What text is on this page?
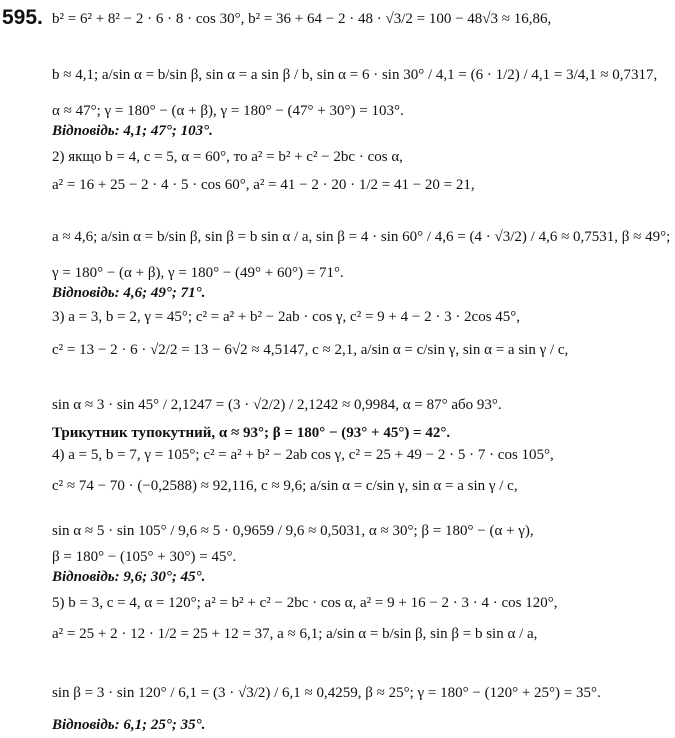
595. b² = 6² + 8² − 2 · 6 · 8 · cos 30°, b² = 36 + 64 − 2 · 48 · √3/2 = 100 − 48√3 ≈ 16,86,
b ≈ 4,1; a/sin α = b/sin β, sin α = a sin β / b, sin α = 6 · sin 30° / 4,1 = (6 · 1/2) / 4,1 = 3/4,1 ≈ 0,7317,
α ≈ 47°; γ = 180° − (α + β), γ = 180° − (47° + 30°) = 103°.
Відповідь: 4,1; 47°; 103°.
2) якщо b = 4, c = 5, α = 60°, то a² = b² + c² − 2bc · cos α,
a² = 16 + 25 − 2 · 4 · 5 · cos 60°, a² = 41 − 2 · 20 · 1/2 = 41 − 20 = 21,
a ≈ 4,6; a/sin α = b/sin β, sin β = b sin α / a, sin β = 4 · sin 60° / 4,6 = (4 · √3/2) / 4,6 ≈ 0,7531, β ≈ 49°;
γ = 180° − (α + β), γ = 180° − (49° + 60°) = 71°.
Відповідь: 4,6; 49°; 71°.
3) a = 3, b = 2, γ = 45°; c² = a² + b² − 2ab · cos γ, c² = 9 + 4 − 2 · 3 · 2cos 45°,
c² = 13 − 2 · 6 · √2/2 = 13 − 6√2 ≈ 4,5147, c ≈ 2,1, a/sin α = c/sin γ, sin α = a sin γ / c,
sin α ≈ 3 · sin 45° / 2,1247 = (3 · √2/2) / 2,1242 ≈ 0,9984, α = 87° або 93°.
Трикутник тупокутний, α ≈ 93°; β = 180° − (93° + 45°) = 42°.
4) a = 5, b = 7, γ = 105°; c² = a² + b² − 2ab cos γ, c² = 25 + 49 − 2 · 5 · 7 · cos 105°,
c² ≈ 74 − 70 · (−0,2588) ≈ 92,116, c ≈ 9,6; a/sin α = c/sin γ, sin α = a sin γ / c,
sin α ≈ 5 · sin 105° / 9,6 ≈ 5 · 0,9659 / 9,6 ≈ 0,5031, α ≈ 30°; β = 180° − (α + γ),
β = 180° − (105° + 30°) = 45°.
Відповідь: 9,6; 30°; 45°.
5) b = 3, c = 4, α = 120°; a² = b² + c² − 2bc · cos α, a² = 9 + 16 − 2 · 3 · 4 · cos 120°,
a² = 25 + 2 · 12 · 1/2 = 25 + 12 = 37, a ≈ 6,1; a/sin α = b/sin β, sin β = b sin α / a,
sin β = 3 · sin 120° / 6,1 = (3 · √3/2) / 6,1 ≈ 0,4259, β ≈ 25°; γ = 180° − (120° + 25°) = 35°.
Відповідь: 6,1; 25°; 35°.
